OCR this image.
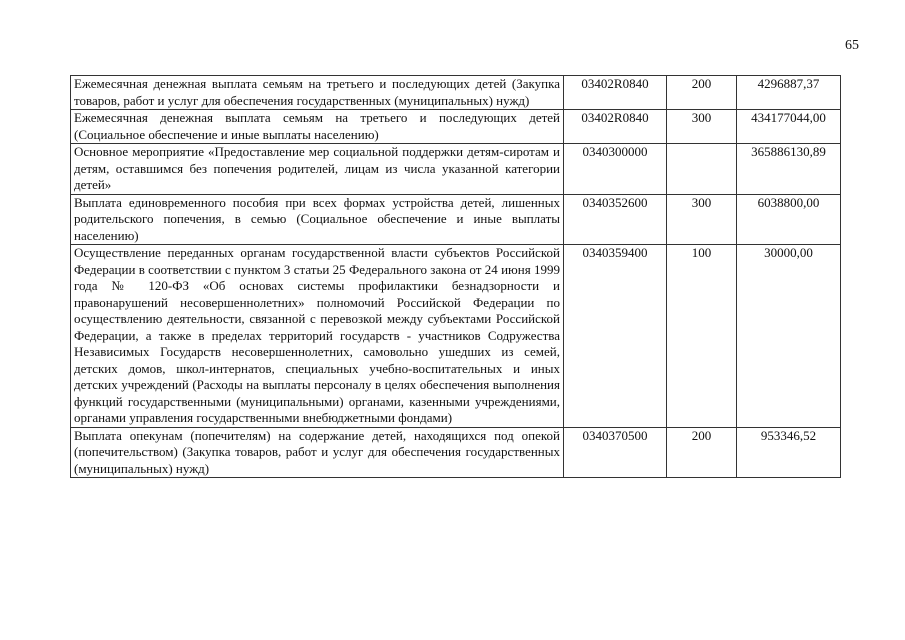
65
Ежемесячная денежная выплата семьям на третьего и последующих детей (Закупка товаров, работ и услуг для обеспечения государственных (муниципальных) нужд)	03402R0840	200	4296887,37
Ежемесячная денежная выплата семьям на третьего и последующих детей (Социальное обеспечение и иные выплаты населению)	03402R0840	300	434177044,00
Основное мероприятие «Предоставление мер социальной поддержки детям-сиротам и детям, оставшимся без попечения родителей, лицам из числа указанной категории детей»	0340300000		365886130,89
Выплата единовременного пособия при всех формах устройства детей, лишенных родительского попечения, в семью (Социальное обеспечение и иные выплаты населению)	0340352600	300	6038800,00
Осуществление переданных органам государственной власти субъектов Российской Федерации в соответствии с пунктом 3 статьи 25 Федерального закона от 24 июня 1999 года № 120-ФЗ «Об основах системы профилактики безнадзорности и правонарушений несовершеннолетних» полномочий Российской Федерации по осуществлению деятельности, связанной с перевозкой между субъектами Российской Федерации, а также в пределах территорий государств - участников Содружества Независимых Государств несовершеннолетних, самовольно ушедших из семей, детских домов, школ-интернатов, специальных учебно-воспитательных и иных детских учреждений (Расходы на выплаты персоналу в целях обеспечения выполнения функций государственными (муниципальными) органами, казенными учреждениями, органами управления государственными внебюджетными фондами)	0340359400	100	30000,00
Выплата опекунам (попечителям) на содержание детей, находящихся под опекой (попечительством) (Закупка товаров, работ и услуг для обеспечения государственных (муниципальных) нужд)	0340370500	200	953346,52
